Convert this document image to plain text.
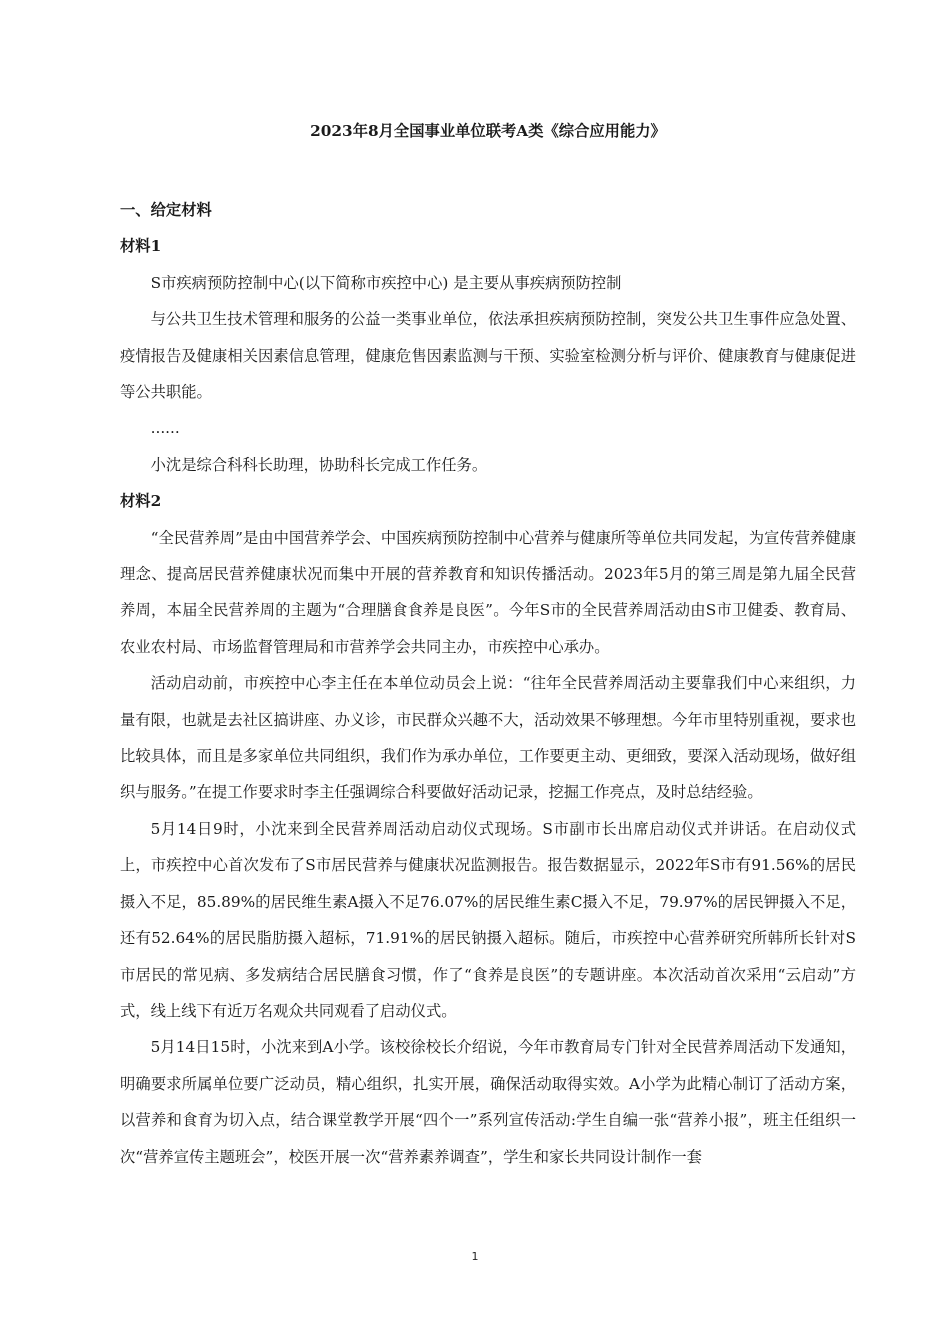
2023年8月全国事业单位联考A类《综合应用能力》

一、给定材料

材料1

S市疾病预防控制中心(以下简称市疾控中心) 是主要从事疾病预防控制

与公共卫生技术管理和服务的公益一类事业单位，依法承担疾病预防控制，突发公共卫生事件应急处置、疫情报告及健康相关因素信息管理，健康危售因素监测与干预、实验室检测分析与评价、健康教育与健康促进等公共职能。

......

小沈是综合科科长助理，协助科长完成工作任务。

材料2

“全民营养周”是由中国营养学会、中国疾病预防控制中心营养与健康所等单位共同发起，为宣传营养健康理念、提高居民营养健康状况而集中开展的营养教育和知识传播活动。2023年5月的第三周是第九届全民营养周，本届全民营养周的主题为“合理膳食食养是良医”。今年S市的全民营养周活动由S市卫健委、教育局、农业农村局、市场监督管理局和市营养学会共同主办，市疾控中心承办。

活动启动前，市疾控中心李主任在本单位动员会上说：“往年全民营养周活动主要靠我们中心来组织，力量有限，也就是去社区搞讲座、办义诊，市民群众兴趣不大，活动效果不够理想。今年市里特别重视，要求也比较具体，而且是多家单位共同组织，我们作为承办单位，工作要更主动、更细致，要深入活动现场，做好组织与服务。”在提工作要求时李主任强调综合科要做好活动记录，挖掘工作亮点，及时总结经验。

5月14日9时，小沈来到全民营养周活动启动仪式现场。S市副市长出席启动仪式并讲话。在启动仪式上，市疾控中心首次发布了S市居民营养与健康状况监测报告。报告数据显示，2022年S市有91.56%的居民摄入不足，85.89%的居民维生素A摄入不足76.07%的居民维生素C摄入不足，79.97%的居民钾摄入不足，还有52.64%的居民脂肪摄入超标，71.91%的居民钠摄入超标。随后，市疾控中心营养研究所韩所长针对S市居民的常见病、多发病结合居民膳食习惯，作了“食养是良医”的专题讲座。本次活动首次采用“云启动”方式，线上线下有近万名观众共同观看了启动仪式。

5月14日15时，小沈来到A小学。该校徐校长介绍说，今年市教育局专门针对全民营养周活动下发通知，明确要求所属单位要广泛动员，精心组织，扎实开展，确保活动取得实效。A小学为此精心制订了活动方案，以营养和食育为切入点，结合课堂教学开展“四个一”系列宣传活动:学生自编一张“营养小报”，班主任组织一次“营养宣传主题班会”，校医开展一次“营养素养调查”，学生和家长共同设计制作一套

1
